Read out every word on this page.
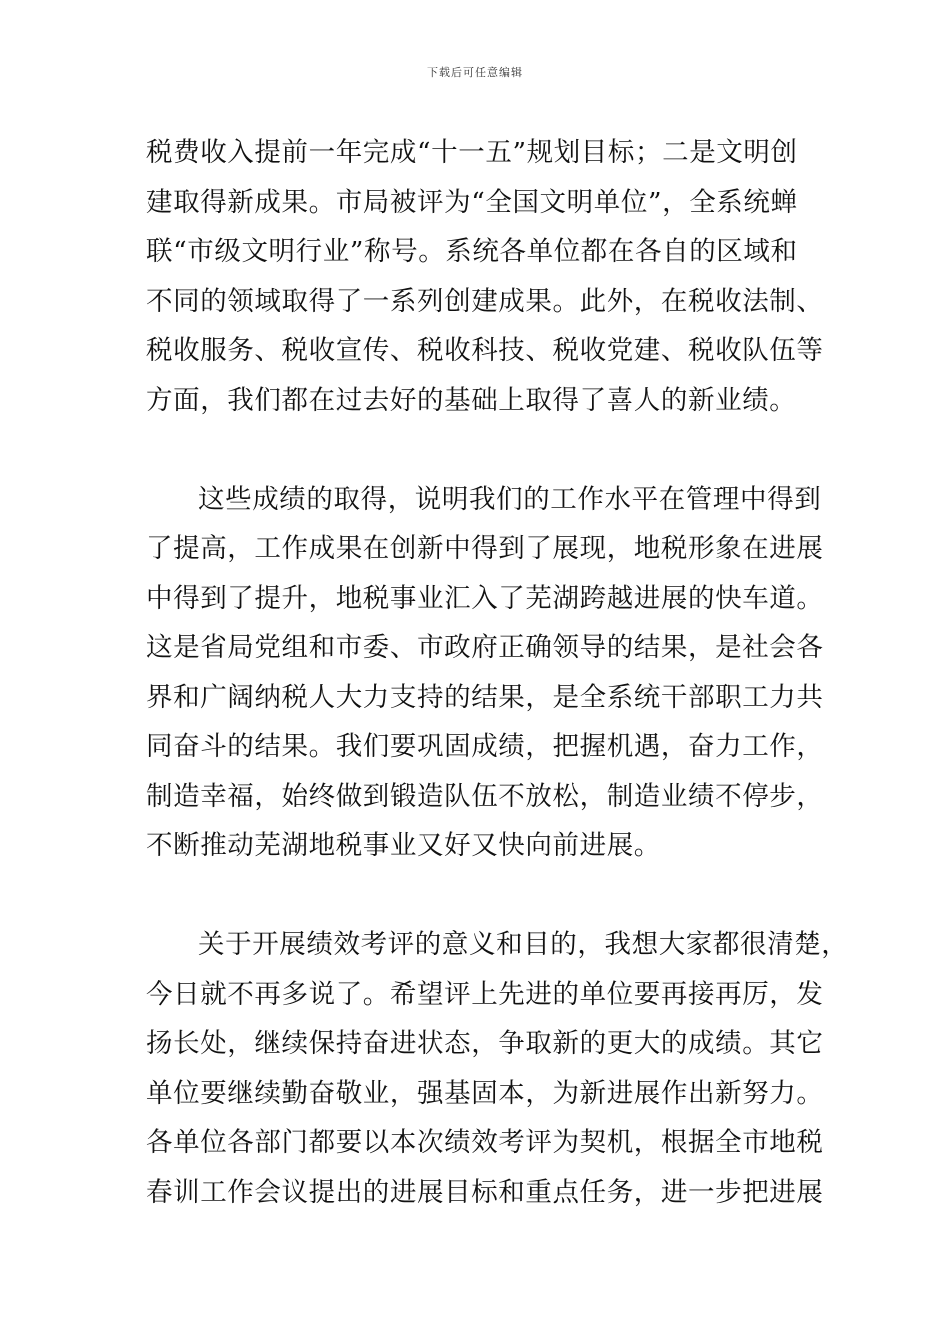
下载后可任意编辑
税费收入提前一年完成“十一五”规划目标；二是文明创
建取得新成果。市局被评为“全国文明单位”，全系统蝉
联“市级文明行业”称号。系统各单位都在各自的区域和
不同的领域取得了一系列创建成果。此外，在税收法制、
税收服务、税收宣传、税收科技、税收党建、税收队伍等
方面，我们都在过去好的基础上取得了喜人的新业绩。
这些成绩的取得，说明我们的工作水平在管理中得到
了提高，工作成果在创新中得到了展现，地税形象在进展
中得到了提升，地税事业汇入了芜湖跨越进展的快车道。
这是省局党组和市委、市政府正确领导的结果，是社会各
界和广阔纳税人大力支持的结果，是全系统干部职工力共
同奋斗的结果。我们要巩固成绩，把握机遇，奋力工作，
制造幸福，始终做到锻造队伍不放松，制造业绩不停步，
不断推动芜湖地税事业又好又快向前进展。
关于开展绩效考评的意义和目的，我想大家都很清楚，
今日就不再多说了。希望评上先进的单位要再接再厉，发
扬长处，继续保持奋进状态，争取新的更大的成绩。其它
单位要继续勤奋敬业，强基固本，为新进展作出新努力。
各单位各部门都要以本次绩效考评为契机，根据全市地税
春训工作会议提出的进展目标和重点任务，进一步把进展
